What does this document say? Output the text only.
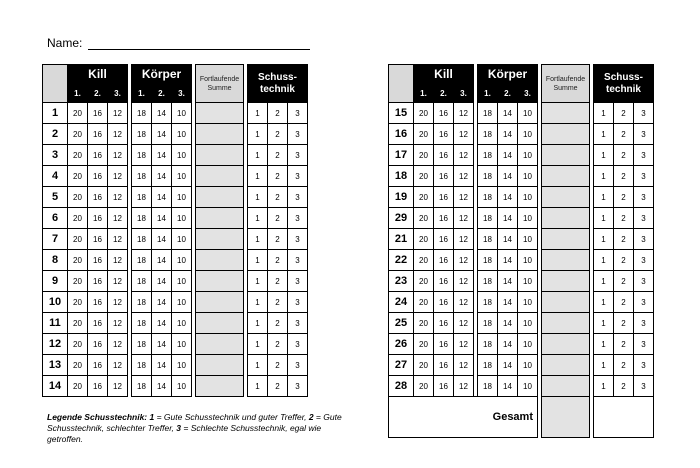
Name:
	Kill				Körper				Fortlaufende Summe		Schuss-
technik		
	1.	2.	3.		1.	2.	3.						
1	20	16	12		18	14	10				1	2	3
2	20	16	12		18	14	10				1	2	3
3	20	16	12		18	14	10				1	2	3
4	20	16	12		18	14	10				1	2	3
5	20	16	12		18	14	10				1	2	3
6	20	16	12		18	14	10				1	2	3
7	20	16	12		18	14	10				1	2	3
8	20	16	12		18	14	10				1	2	3
9	20	16	12		18	14	10				1	2	3
10	20	16	12		18	14	10				1	2	3
11	20	16	12		18	14	10				1	2	3
12	20	16	12		18	14	10				1	2	3
13	20	16	12		18	14	10				1	2	3
14	20	16	12		18	14	10				1	2	3
	Kill				Körper				Fortlaufende Summe		Schuss-
technik		
	1.	2.	3.		1.	2.	3.						
15	20	16	12		18	14	10				1	2	3
16	20	16	12		18	14	10				1	2	3
17	20	16	12		18	14	10				1	2	3
18	20	16	12		18	14	10				1	2	3
19	20	16	12		18	14	10				1	2	3
29	20	16	12		18	14	10				1	2	3
21	20	16	12		18	14	10				1	2	3
22	20	16	12		18	14	10				1	2	3
23	20	16	12		18	14	10				1	2	3
24	20	16	12		18	14	10				1	2	3
25	20	16	12		18	14	10				1	2	3
26	20	16	12		18	14	10				1	2	3
27	20	16	12		18	14	10				1	2	3
28	20	16	12		18	14	10				1	2	3
Gesamt													
Legende Schusstechnik: 1 = Gute Schusstechnik und guter Treffer, 2 = Gute Schusstechnik, schlechter Treffer, 3 = Schlechte Schusstechnik, egal wie getroffen.
